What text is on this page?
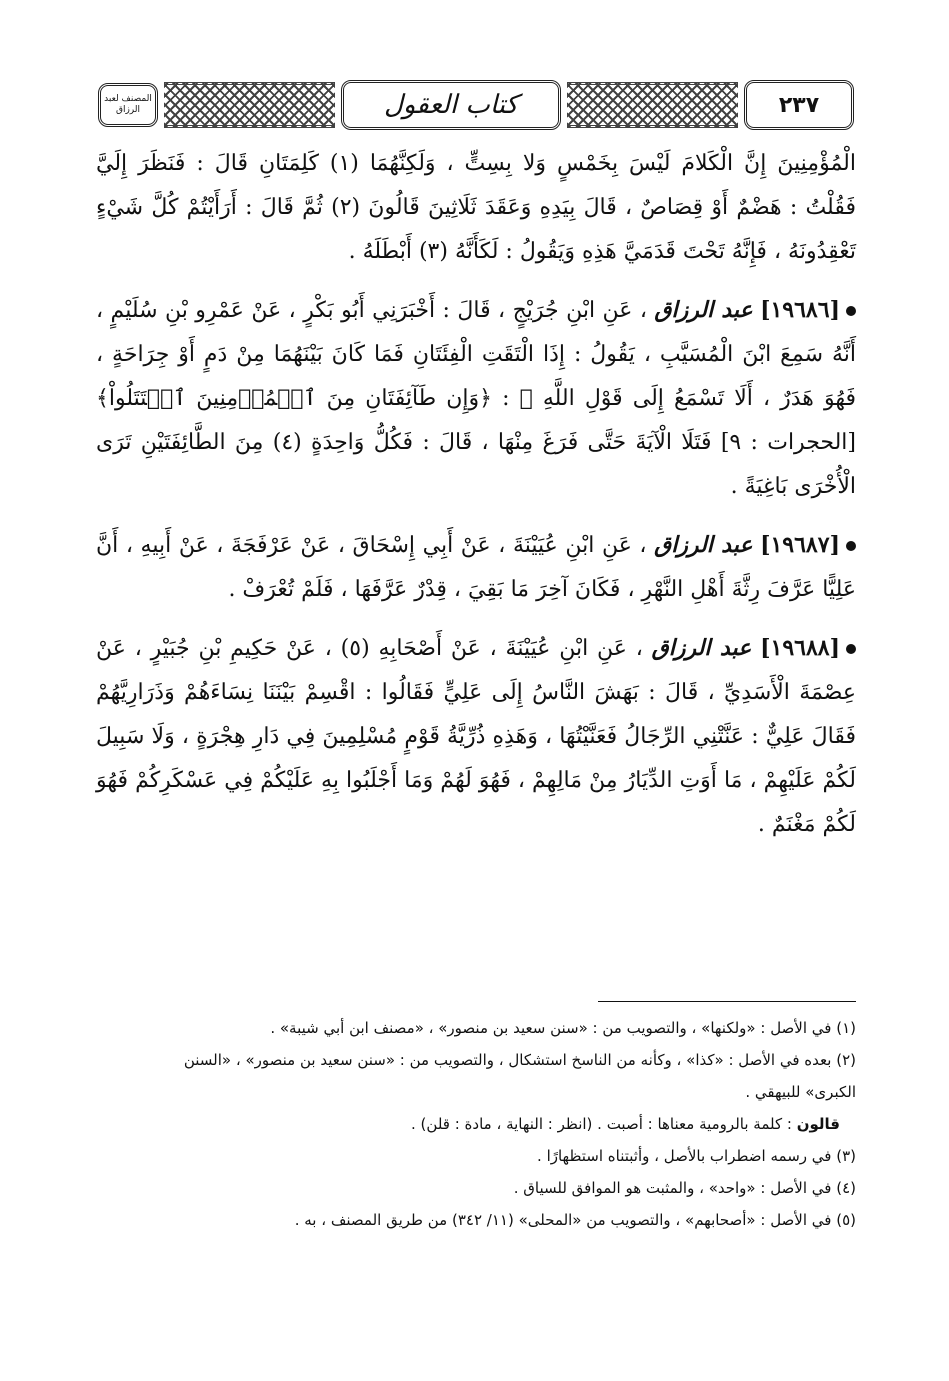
المصنف لعبد الرزاق	كتاب العقول	٢٣٧

الْمُؤْمِنِينَ إِنَّ الْكَلامَ لَيْسَ بِخَمْسٍ وَلا بِسِتٍّ ، وَلَكِنَّهُمَا (١) كَلِمَتَانِ قَالَ : فَنَظَرَ إِلَيَّ فَقُلْتُ : هَضْمٌ أَوْ قِصَاصٌ ، قَالَ بِيَدِهِ وَعَقَدَ ثَلَاثِينَ قَالُونَ (٢) ثُمَّ قَالَ : أَرَأَيْتُمْ كُلَّ شَيْءٍ تَعْقِدُونَهُ ، فَإِنَّهُ تَحْتَ قَدَمَيَّ هَذِهِ وَيَقُولُ : لَكَأَنَّهُ (٣) أَبْطَلَهُ .

[١٩٦٨٦] عبد الرزاق ، عَنِ ابْنِ جُرَيْجٍ ، قَالَ : أَخْبَرَنِي أَبُو بَكْرٍ ، عَنْ عَمْرِو بْنِ سُلَيْمٍ ، أَنَّهُ سَمِعَ ابْنَ الْمُسَيَّبِ ، يَقُولُ : إِذَا الْتَقَتِ الْفِئَتَانِ فَمَا كَانَ بَيْنَهُمَا مِنْ دَمٍ أَوْ جِرَاحَةٍ ، فَهُوَ هَدَرٌ ، أَلَا تَسْمَعُ إِلَى قَوْلِ اللَّهِ ﷻ : ﴿وَإِن طَآئِفَتَانِ مِنَ ٱلۡمُؤۡمِنِينَ ٱقۡتَتَلُواْ﴾ [الحجرات : ٩] فَتَلَا الْآيَةَ حَتَّى فَرَغَ مِنْهَا ، قَالَ : فَكُلُّ وَاحِدَةٍ (٤) مِنَ الطَّائِفَتَيْنِ تَرَى الْأُخْرَى بَاغِيَةً .

[١٩٦٨٧] عبد الرزاق ، عَنِ ابْنِ عُيَيْنَةَ ، عَنْ أَبِي إِسْحَاقَ ، عَنْ عَرْفَجَةَ ، عَنْ أَبِيهِ ، أَنَّ عَلِيًّا عَرَّفَ رِثَّةَ أَهْلِ النَّهْرِ ، فَكَانَ آخِرَ مَا بَقِيَ ، قِدْرٌ عَرَّفَهَا ، فَلَمْ تُعْرَفْ .

[١٩٦٨٨] عبد الرزاق ، عَنِ ابْنِ عُيَيْنَةَ ، عَنْ أَصْحَابِهِ (٥) ، عَنْ حَكِيمِ بْنِ جُبَيْرٍ ، عَنْ عِصْمَةَ الْأَسَدِيِّ ، قَالَ : بَهَشَ النَّاسُ إِلَى عَلِيٍّ فَقَالُوا : اقْسِمْ بَيْنَنَا نِسَاءَهُمْ وَذَرَارِيَّهُمْ فَقَالَ عَلِيٌّ : عَنَّتْنِي الرِّجَالُ فَعَنَّيْتُهَا ، وَهَذِهِ ذُرِّيَّةُ قَوْمٍ مُسْلِمِينَ فِي دَارِ هِجْرَةٍ ، وَلَا سَبِيلَ لَكُمْ عَلَيْهِمْ ، مَا أَوَتِ الدِّيَارُ مِنْ مَالِهِمْ ، فَهُوَ لَهُمْ وَمَا أَجْلَبُوا بِهِ عَلَيْكُمْ فِي عَسْكَرِكُمْ فَهُوَ لَكُمْ مَغْنَمٌ .

(١) في الأصل : «ولكنها» ، والتصويب من : «سنن سعيد بن منصور» ، «مصنف ابن أبي شيبة» .

(٢) بعده في الأصل : «كذا» ، وكأنه من الناسخ استشكال ، والتصويب من : «سنن سعيد بن منصور» ، «السنن الكبرى» للبيهقي .

قالون : كلمة بالرومية معناها : أصبت . (انظر : النهاية ، مادة : قلن) .

(٣) في رسمه اضطراب بالأصل ، وأثبتناه استظهارًا .

(٤) في الأصل : «واحد» ، والمثبت هو الموافق للسياق .

(٥) في الأصل : «أصحابهم» ، والتصويب من «المحلى» (١١/ ٣٤٢) من طريق المصنف ، به .
